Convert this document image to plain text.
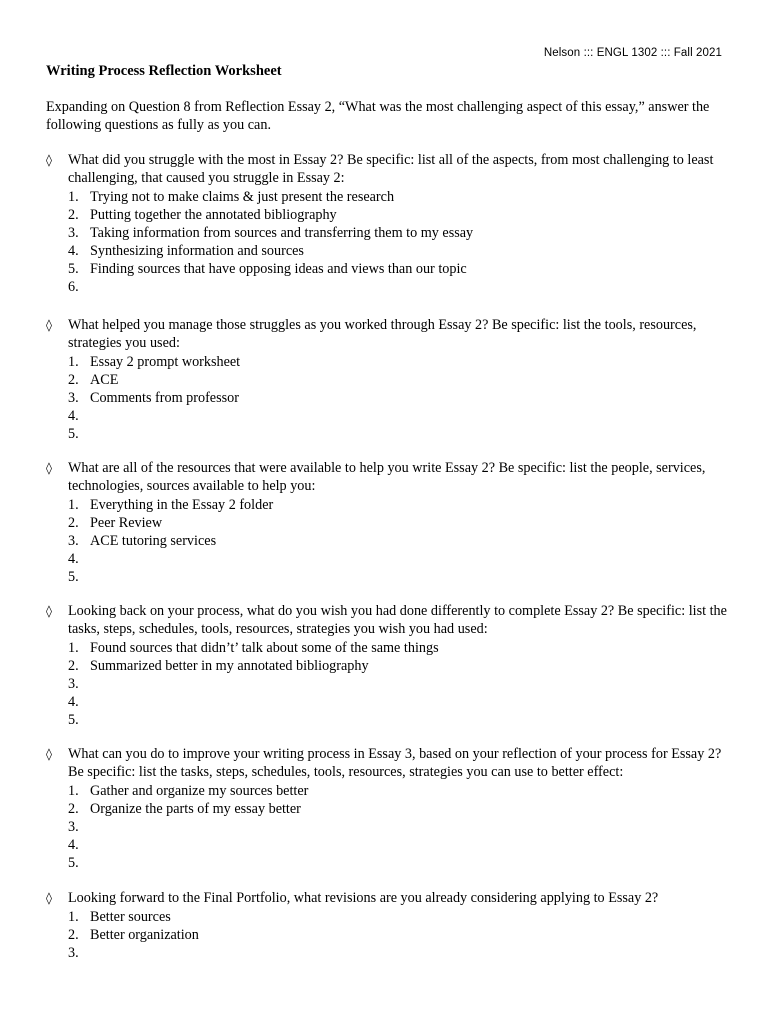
Nelson ::: ENGL 1302 ::: Fall 2021
Writing Process Reflection Worksheet
Expanding on Question 8 from Reflection Essay 2, “What was the most challenging aspect of this essay,” answer the following questions as fully as you can.
◊ What did you struggle with the most in Essay 2? Be specific: list all of the aspects, from most challenging to least challenging, that caused you struggle in Essay 2:
1. Trying not to make claims & just present the research
2. Putting together the annotated bibliography
3. Taking information from sources and transferring them to my essay
4. Synthesizing information and sources
5. Finding sources that have opposing ideas and views than our topic
6.
◊ What helped you manage those struggles as you worked through Essay 2? Be specific: list the tools, resources, strategies you used:
1. Essay 2 prompt worksheet
2. ACE
3. Comments from professor
4.
5.
◊ What are all of the resources that were available to help you write Essay 2? Be specific: list the people, services, technologies, sources available to help you:
1. Everything in the Essay 2 folder
2. Peer Review
3. ACE tutoring services
4.
5.
◊ Looking back on your process, what do you wish you had done differently to complete Essay 2? Be specific: list the tasks, steps, schedules, tools, resources, strategies you wish you had used:
1. Found sources that didn’t’ talk about some of the same things
2. Summarized better in my annotated bibliography
3.
4.
5.
◊ What can you do to improve your writing process in Essay 3, based on your reflection of your process for Essay 2? Be specific: list the tasks, steps, schedules, tools, resources, strategies you can use to better effect:
1. Gather and organize my sources better
2. Organize the parts of my essay better
3.
4.
5.
◊ Looking forward to the Final Portfolio, what revisions are you already considering applying to Essay 2?
1. Better sources
2. Better organization
3.
